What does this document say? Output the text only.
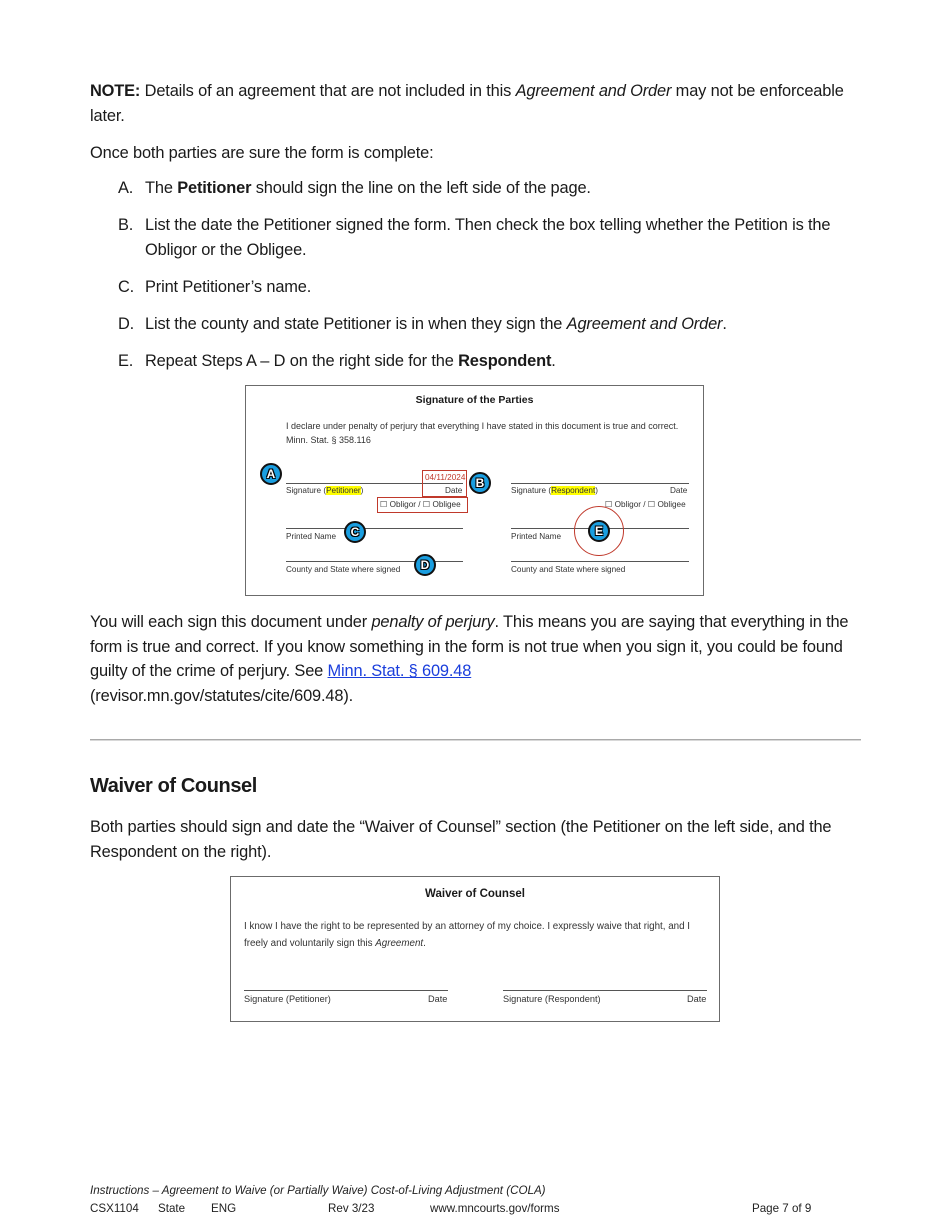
NOTE: Details of an agreement that are not included in this Agreement and Order may not be enforceable later.
Once both parties are sure the form is complete:
A. The Petitioner should sign the line on the left side of the page.
B. List the date the Petitioner signed the form. Then check the box telling whether the Petition is the Obligor or the Obligee.
C. Print Petitioner’s name.
D. List the county and state Petitioner is in when they sign the Agreement and Order.
E. Repeat Steps A – D on the right side for the Respondent.
Signature of the Parties
I declare under penalty of perjury that everything I have stated in this document is true and correct. Minn. Stat. § 358.116
Signature (Petitioner)
04/11/2024
Date
☐ Obligor / ☐ Obligee
Printed Name
County and State where signed
Signature (Respondent)	Date
☐ Obligor / ☐ Obligee
Printed Name
County and State where signed
A
B
C
D
E
You will each sign this document under penalty of perjury. This means you are saying that everything in the form is true and correct. If you know something in the form is not true when you sign it, you could be found guilty of the crime of perjury. See Minn. Stat. § 609.48
(revisor.mn.gov/statutes/cite/609.48).
Waiver of Counsel
Both parties should sign and date the “Waiver of Counsel” section (the Petitioner on the left side, and the Respondent on the right).
Waiver of Counsel
I know I have the right to be represented by an attorney of my choice. I expressly waive that right, and I freely and voluntarily sign this Agreement.
Signature (Petitioner)	Date	Signature (Respondent)	Date
Instructions – Agreement to Waive (or Partially Waive) Cost-of-Living Adjustment (COLA)
CSX1104 State ENG	Rev 3/23	www.mncourts.gov/forms	Page 7 of 9
